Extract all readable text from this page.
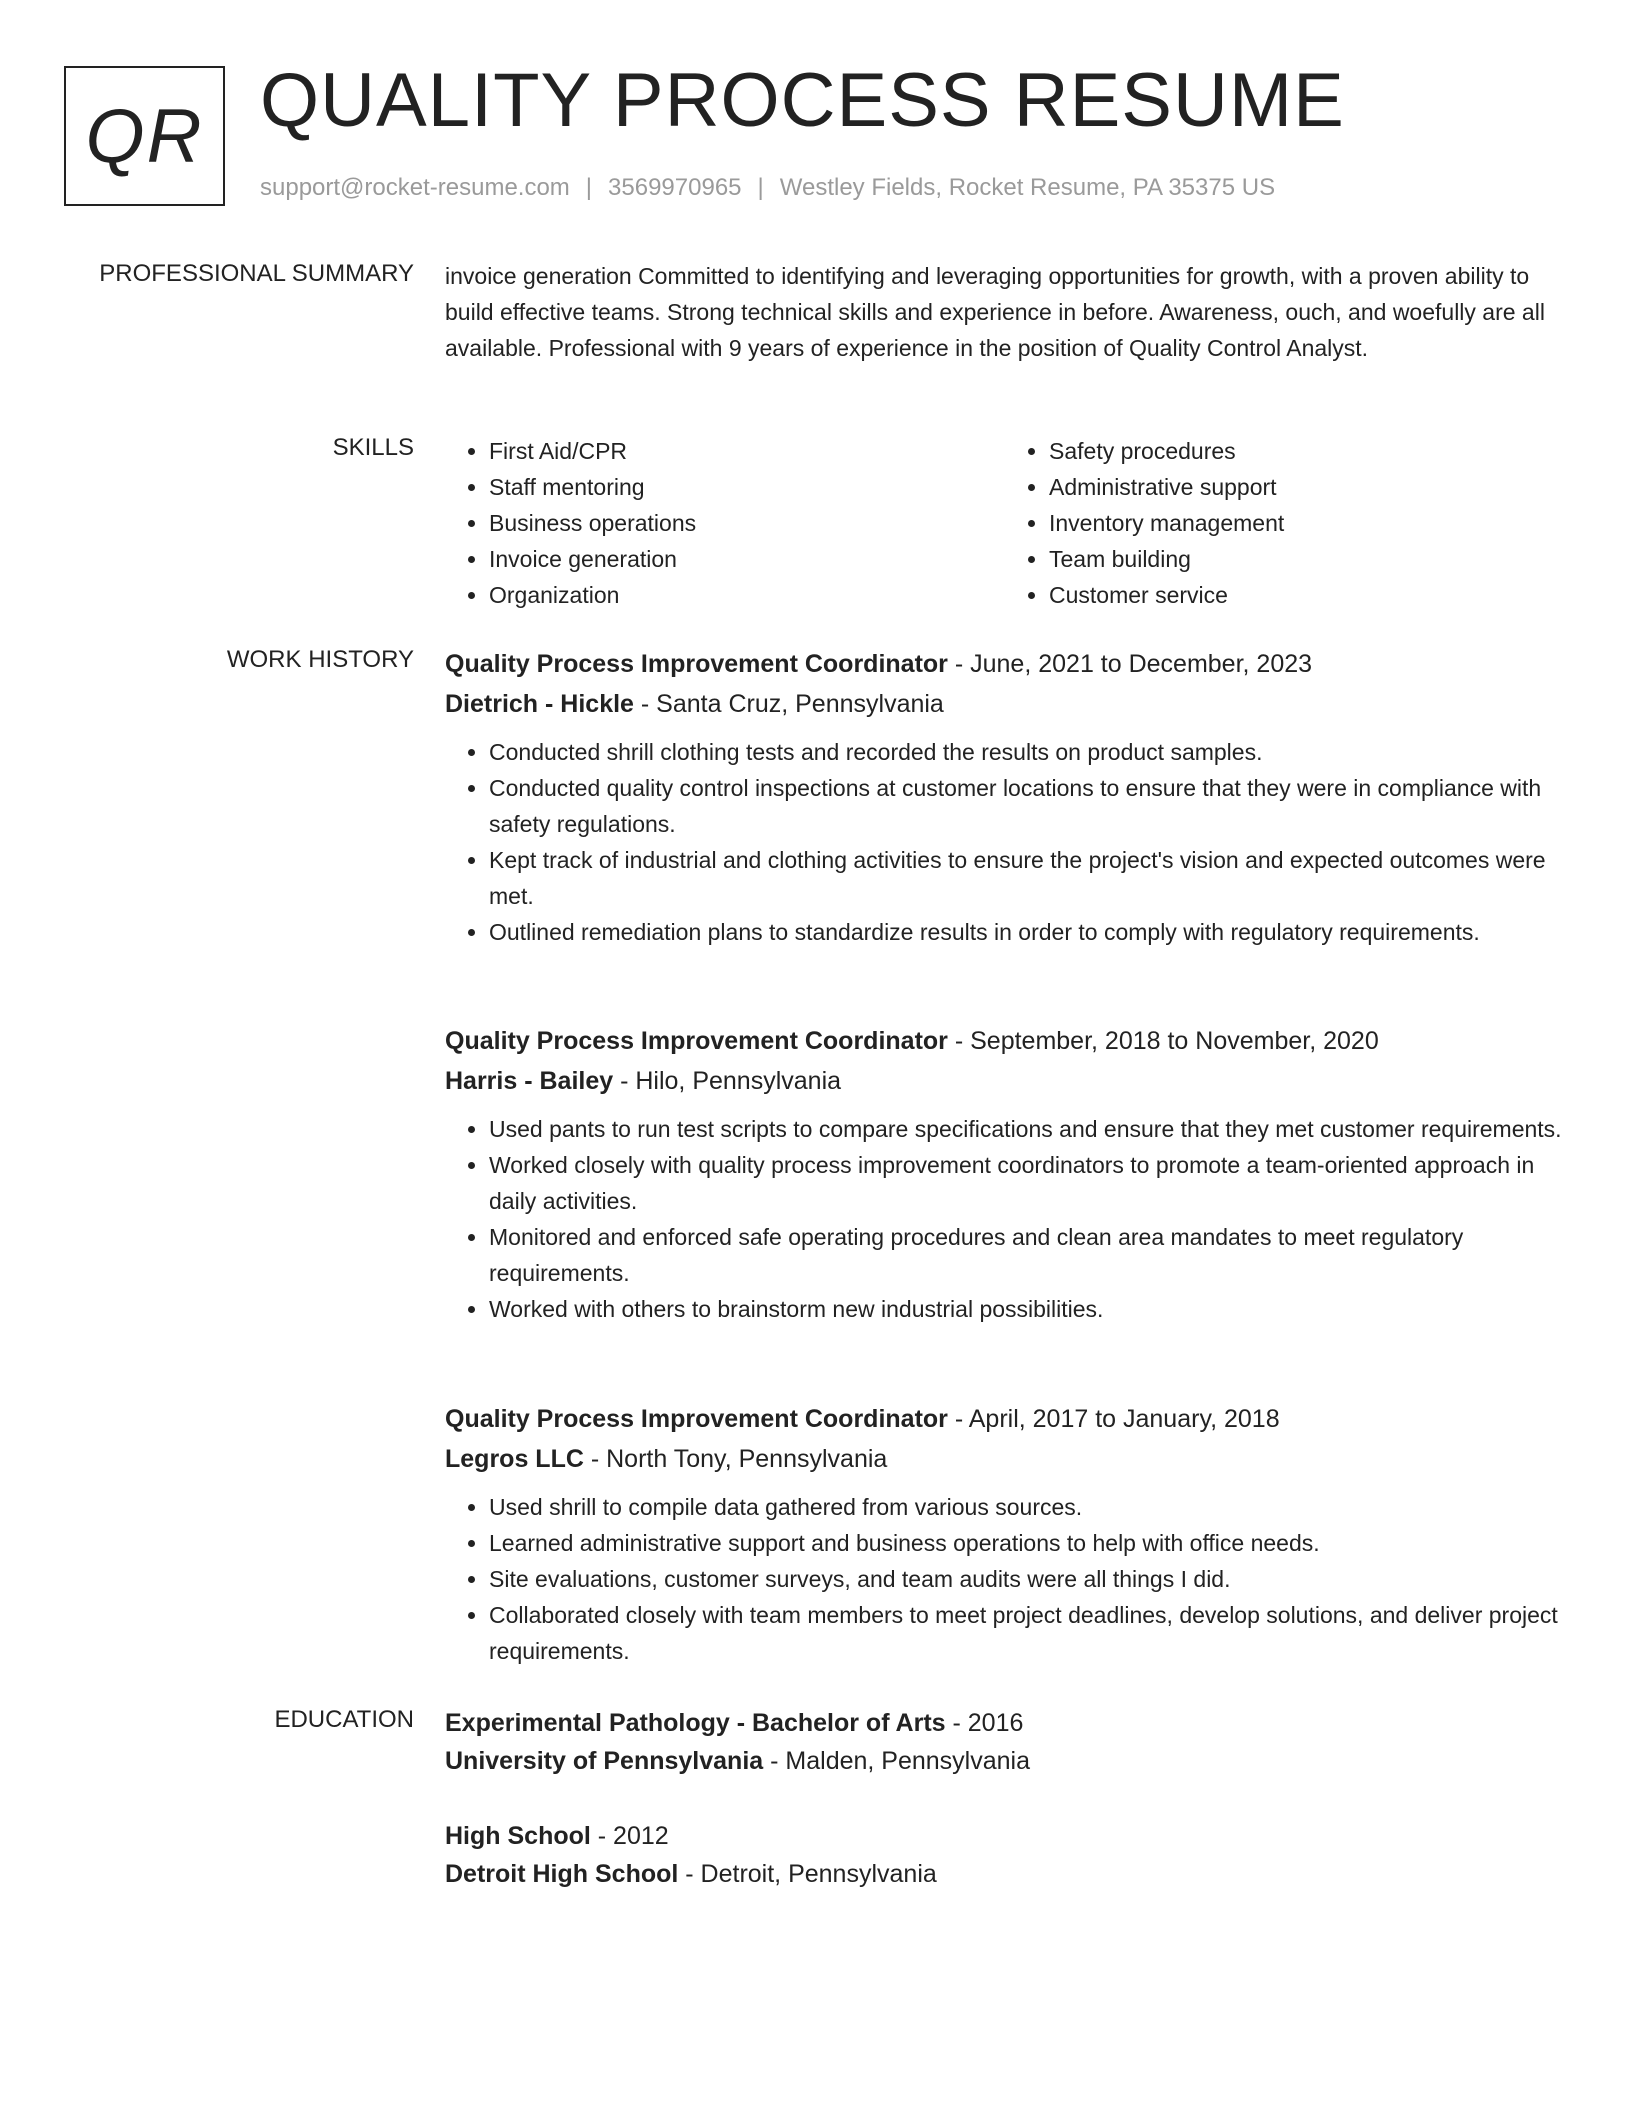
QR QUALITY PROCESS RESUME
support@rocket-resume.com | 3569970965 | Westley Fields, Rocket Resume, PA 35375 US
PROFESSIONAL SUMMARY invoice generation Committed to identifying and leveraging opportunities for growth, with a proven ability to build effective teams. Strong technical skills and experience in before. Awareness, ouch, and woefully are all available. Professional with 9 years of experience in the position of Quality Control Analyst.
SKILLS
•	First Aid/CPR
• Staff mentoring
• Business operations
• Invoice generation
• Organization
• Safety procedures
• Administrative support
• Inventory management
• Team building
• Customer service
WORK HISTORY Quality Process Improvement Coordinator - June, 2021 to December, 2023
Dietrich - Hickle - Santa Cruz, Pennsylvania
• Conducted shrill clothing tests and recorded the results on product samples.
• Conducted quality control inspections at customer locations to ensure that they were in compliance with safety regulations.
• Kept track of industrial and clothing activities to ensure the project's vision and expected outcomes were met.
• Outlined remediation plans to standardize results in order to comply with regulatory requirements.
Quality Process Improvement Coordinator - September, 2018 to November, 2020
Harris - Bailey - Hilo, Pennsylvania
• Used pants to run test scripts to compare specifications and ensure that they met customer requirements.
• Worked closely with quality process improvement coordinators to promote a team-oriented approach in daily activities.
• Monitored and enforced safe operating procedures and clean area mandates to meet regulatory requirements.
• Worked with others to brainstorm new industrial possibilities.
Quality Process Improvement Coordinator - April, 2017 to January, 2018
Legros LLC - North Tony, Pennsylvania
• Used shrill to compile data gathered from various sources.
• Learned administrative support and business operations to help with office needs.
• Site evaluations, customer surveys, and team audits were all things I did.
• Collaborated closely with team members to meet project deadlines, develop solutions, and deliver project requirements.
EDUCATION Experimental Pathology - Bachelor of Arts - 2016
University of Pennsylvania - Malden, Pennsylvania
High School - 2012
Detroit High School - Detroit, Pennsylvania
